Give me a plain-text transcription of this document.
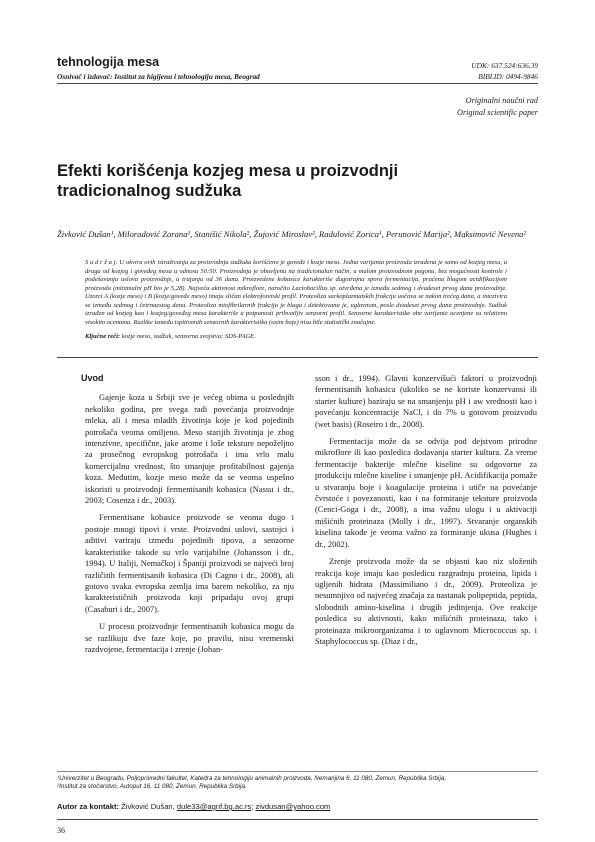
tehnologija mesa
Osnivač i izdavač: Institut za higijenu i tehnologiju mesa, Beograd
UDK: 637.524:636.39
BIBLID: 0494-9846
Originalni naučni rad
Original scientific paper
Efekti korišćenja kozjeg mesa u proizvodnji tradicionalnog sudžuka
Živković Dušan¹, Miloradović Zorana¹, Stanišić Nikola², Žujović Miroslav², Radulović Zorica¹, Perunović Marija², Maksimović Nevena²
S a d r ž a j: U okviru ovih istraživanja za proizvodnju sudžuka korišćeno je goveđe i kozje meso. Jedna varijanta proizvoda izrađena je samo od kozjeg mesa, a druga od kozjeg i goveđeg mesa u odnosu 50:50. Proizvodnja je obavljena na tradicionalan način, u malom proizvodnom pogonu, bez mogućnosti kontrole i podešavanja uslova proizvodnje, u trajanju od 36 dana. Proizvedene kobasice karakteriše dugotrajna spora fermentacija, praćena blagom acidifikacijom proizvoda (minimalni pH bio je 5,28). Najveća aktivnost mikroflore, naročito Lactobacillus sp. utvrđena je između sedmog i dvadeset prvog dana proizvodnje. Uzorci A (kozje meso) i B (kozje/goveđe meso) imaju sličan elektroforetski profil. Proteoliza sarkoplazmatskih frakcija uočava se nakon trećeg dana, a intezivira se između sedmog i četrnaestog dana. Proteoliza miofibrilarnih frakcija je blaga i detektovana je, uglavnom, posle dvadeset prvog dana proizvodnje. Sudžuk izrađen od kozjeg kao i kozjeg/goveđeg mesa karakteriše u potpunosti prihvatljiv senzorni profil. Senzorne karakteristike obe varijante ocenjene su relativno visokim ocenama. Razlike između ispitivanih senzornih karakteristika (osim boje) nisu bile statistički značajne.
Ključne reči: kozje meso, sudžuk, senzorna svojstva; SDS-PAGE.

Uvod

Gajenje koza u Srbiji sve je većeg obima u poslednjih nekoliko godina, pre svega radi povećanja proizvodnje mleka, ali i mesa mladih životinja koje je kod pojedinih potrošača veoma omiljeno. Meso starijih životinja je zbog intenzivne, specifične, jake arome i loše teksture nepoželjno za prosečnog evropskog potrošača i ima vrlo malu komercijalnu vrednost, što smanjuje profitabilnost gajenja koza. Međutim, kozje meso može da se veoma uspešno iskoristi u proizvodnji fermentisanih kobasica (Nassu i dr., 2003; Cosenza i dr., 2003).

Fermentisane kobasice proizvode se veoma dugo i postoje mnogi tipovi i vrste. Proizvodni uslovi, sastojci i aditivi variraju između pojedinih tipova, a senzorne karakteristike takode su vrlo varijabilne (Johansson i dr., 1994). U Italiji, Nemačkoj i Španiji proizvodi se najveći broj različitih fermentisanih kobasica (Di Cagno i dr., 2008), ali gotovo svaka evropska zemlja ima barem nekoliko, za nju karakterističnih proizvoda koji pripadaju ovoj grupi (Casaburi i dr., 2007).

U procesu proizvodnje fermentisanih kobasica mogu da se razlikuju dve faze koje, po pravilu, nisu vremenski razdvojene, fermentacija i zrenje (Johan-

sson i dr., 1994). Glavni konzervišući faktori u proizvodnji fermentisanih kobasica (ukoliko se ne koriste konzervansi ili starter kulture) baziraju se na smanjenju pH i aw vrednosti kao i povećanju koncentracije NaCl, i do 7% u gotovom proizvodu (wet basis) (Roseiro i dr., 2008).

Fermentacija može da se odvija pod dejstvom prirodne mikroflore ili kao posledica dodavanja starter kultura. Za vreme fermentacije bakterije mlečne kiseline su odgovorne za produkciju mlečne kiseline i smanjenje pH. Acidifikacija pomaže u stvaranju boje i koagulacije proteina i utiče na povećanje čvrstoće i povezanosti, kao i na formiranje teksture proizvoda (Cenci-Goga i dr., 2008), a ima važnu ulogu i u aktivaciji mišićnih proteinaza (Molly i dr., 1997). Stvaranje organskih kiselina takođe je veoma važno za formiranje ukusa (Hughes i dr., 2002).

Zrenje proizvoda može da se objasni kao niz složenih reakcija koje imaju kao posledicu razgradnju proteina, lipida i ugljenih hidrata (Massimiliano i dr., 2009). Proteoliza je nesumnjivo od najvećeg značaja za nastanak polipeptida, peptida, slobodnih amino-kiselina i drugih jedinjenja. Ove reakcije posledica su aktivnosti, kako mišićnih proteinaza, tako i proteinaza mikroorganizama i to uglavnom Micrococcus sp. i Staphylococcus sp. (Diaz i dr.,

¹Univerzitet u Beogradu, Poljoprivredni fakultet, Katedra za tehnologiju animalnih proizvoda, Nemanjina 6, 11 080, Zemun, Republika Srbija;
²Institut za stočarstvo, Autoput 16, 11 080, Zemun, Republika Srbija.
Autor za kontakt: Živković Dušan, dule33@agrif.bg.ac.rs; zivdusan@yahoo.com
36
